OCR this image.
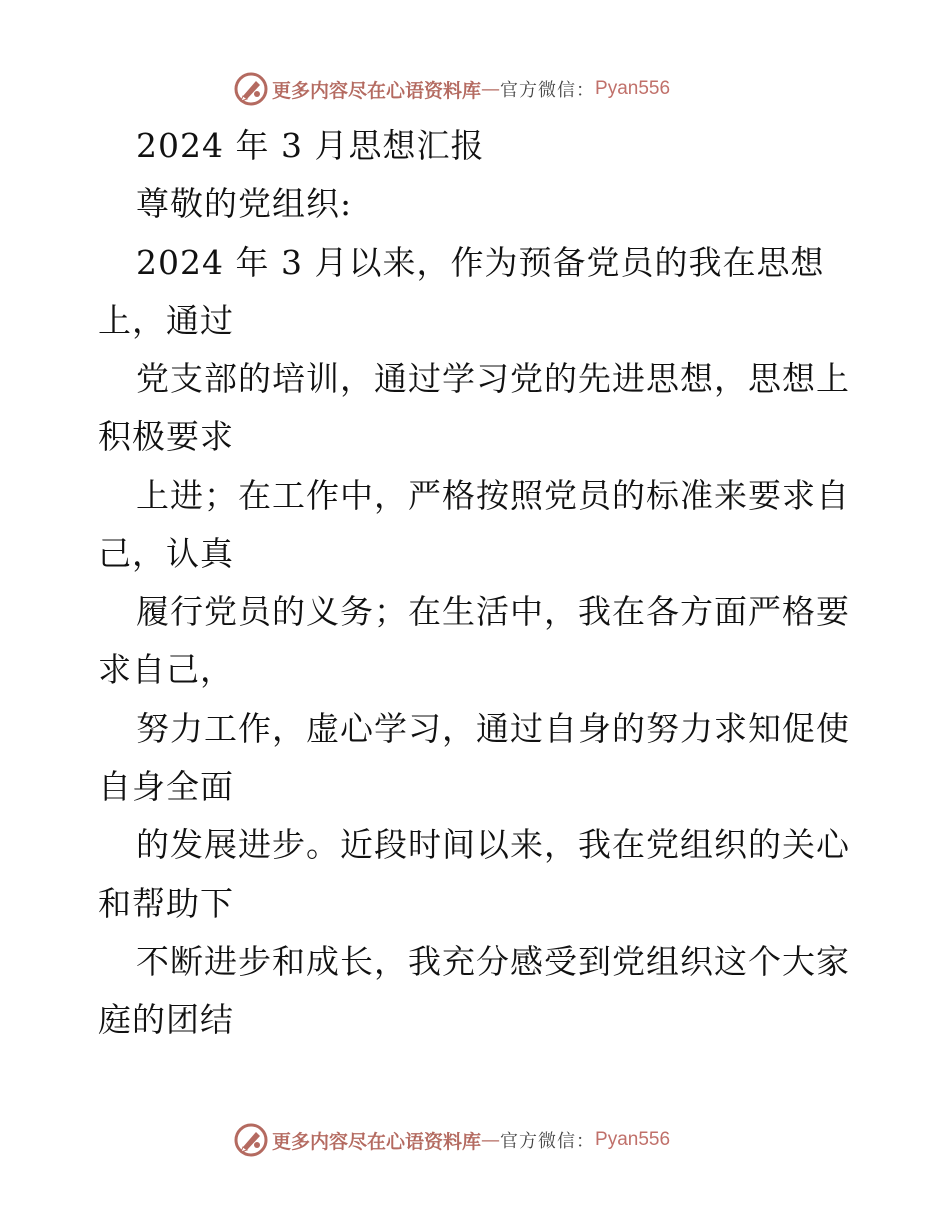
更多内容尽在心语资料库 — 官方微信： Pyan556
2024 年 3 月思想汇报
尊敬的党组织:
2024 年 3 月以来，作为预备党员的我在思想
上，通过
党支部的培训，通过学习党的先进思想，思想上
积极要求
上进；在工作中，严格按照党员的标准来要求自
己，认真
履行党员的义务；在生活中，我在各方面严格要
求自己，
努力工作，虚心学习，通过自身的努力求知促使
自身全面
的发展进步。近段时间以来，我在党组织的关心
和帮助下
不断进步和成长，我充分感受到党组织这个大家
庭的团结
更多内容尽在心语资料库 — 官方微信： Pyan556
